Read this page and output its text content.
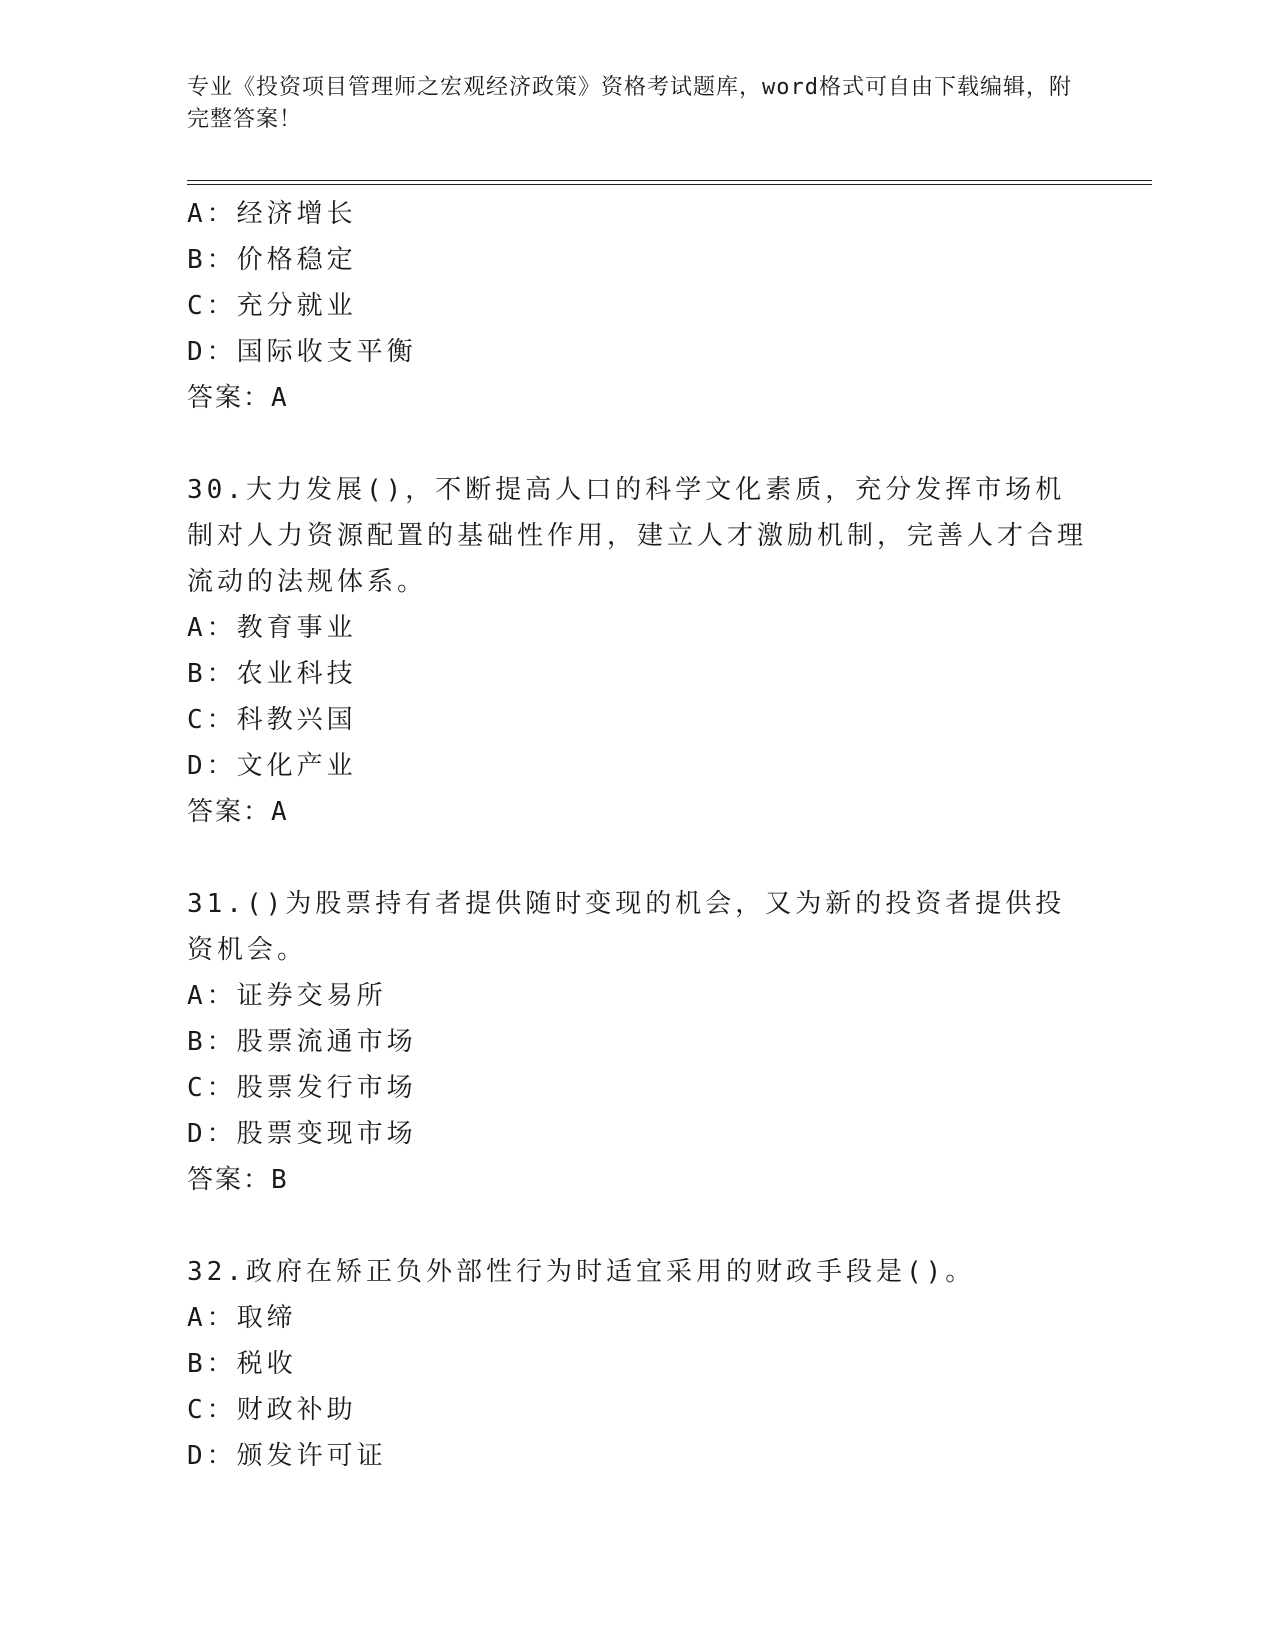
专业《投资项目管理师之宏观经济政策》资格考试题库，word格式可自由下载编辑，附完整答案！

A：经济增长
B：价格稳定
C：充分就业
D：国际收支平衡
答案：A

30.大力发展()，不断提高人口的科学文化素质，充分发挥市场机制对人力资源配置的基础性作用，建立人才激励机制，完善人才合理流动的法规体系。

A：教育事业
B：农业科技
C：科教兴国
D：文化产业
答案：A

31.()为股票持有者提供随时变现的机会，又为新的投资者提供投资机会。

A：证券交易所
B：股票流通市场
C：股票发行市场
D：股票变现市场
答案：B

32.政府在矫正负外部性行为时适宜采用的财政手段是()。

A：取缔
B：税收
C：财政补助
D：颁发许可证
